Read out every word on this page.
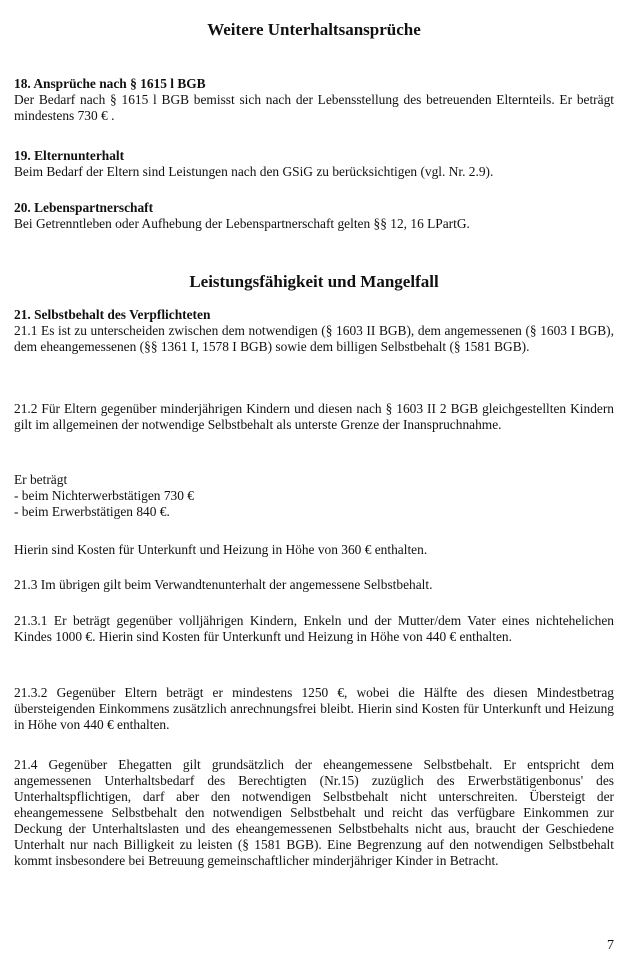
Weitere Unterhaltsansprüche
18. Ansprüche nach § 1615 l BGB
Der Bedarf nach § 1615 l BGB bemisst sich nach der Lebensstellung des betreuenden Elternteils. Er beträgt mindestens 730 € .
19. Elternunterhalt
Beim Bedarf der Eltern sind Leistungen nach den GSiG zu berücksichtigen (vgl. Nr. 2.9).
20. Lebenspartnerschaft
Bei Getrenntleben oder Aufhebung der Lebenspartnerschaft gelten §§ 12, 16 LPartG.
Leistungsfähigkeit und Mangelfall
21. Selbstbehalt des Verpflichteten
21.1 Es ist zu unterscheiden zwischen dem notwendigen (§ 1603 II BGB), dem angemessenen (§ 1603 I BGB), dem eheangemessenen (§§ 1361 I, 1578 I BGB) sowie dem billigen Selbstbehalt (§ 1581 BGB).
21.2 Für Eltern gegenüber minderjährigen Kindern und diesen nach § 1603 II 2 BGB gleichgestellten Kindern gilt im allgemeinen der notwendige Selbstbehalt als unterste Grenze der Inanspruchnahme.
Er beträgt
- beim Nichterwerbstätigen 730 €
- beim Erwerbstätigen 840 €.
Hierin sind Kosten für Unterkunft und Heizung in Höhe von 360 € enthalten.
21.3 Im übrigen gilt beim Verwandtenunterhalt der angemessene Selbstbehalt.
21.3.1 Er beträgt gegenüber volljährigen Kindern, Enkeln und der Mutter/dem Vater eines nichtehelichen Kindes 1000 €. Hierin sind Kosten für Unterkunft und Heizung in Höhe von 440 € enthalten.
21.3.2 Gegenüber Eltern beträgt er mindestens 1250 €, wobei die Hälfte des diesen Mindestbetrag übersteigenden Einkommens zusätzlich anrechnungsfrei bleibt. Hierin sind Kosten für Unterkunft und Heizung in Höhe von 440 € enthalten.
21.4 Gegenüber Ehegatten gilt grundsätzlich der eheangemessene Selbstbehalt. Er entspricht dem angemessenen Unterhaltsbedarf des Berechtigten (Nr.15) zuzüglich des Erwerbstätigenbonus' des Unterhaltspflichtigen, darf aber den notwendigen Selbstbehalt nicht unterschreiten. Übersteigt der eheangemessene Selbstbehalt den notwendigen Selbstbehalt und reicht das verfügbare Einkommen zur Deckung der Unterhaltslasten und des eheangemessenen Selbstbehalts nicht aus, braucht der Geschiedene Unterhalt nur nach Billigkeit zu leisten (§ 1581 BGB). Eine Begrenzung auf den notwendigen Selbstbehalt kommt insbesondere bei Betreuung gemeinschaftlicher minderjähriger Kinder in Betracht.
7
